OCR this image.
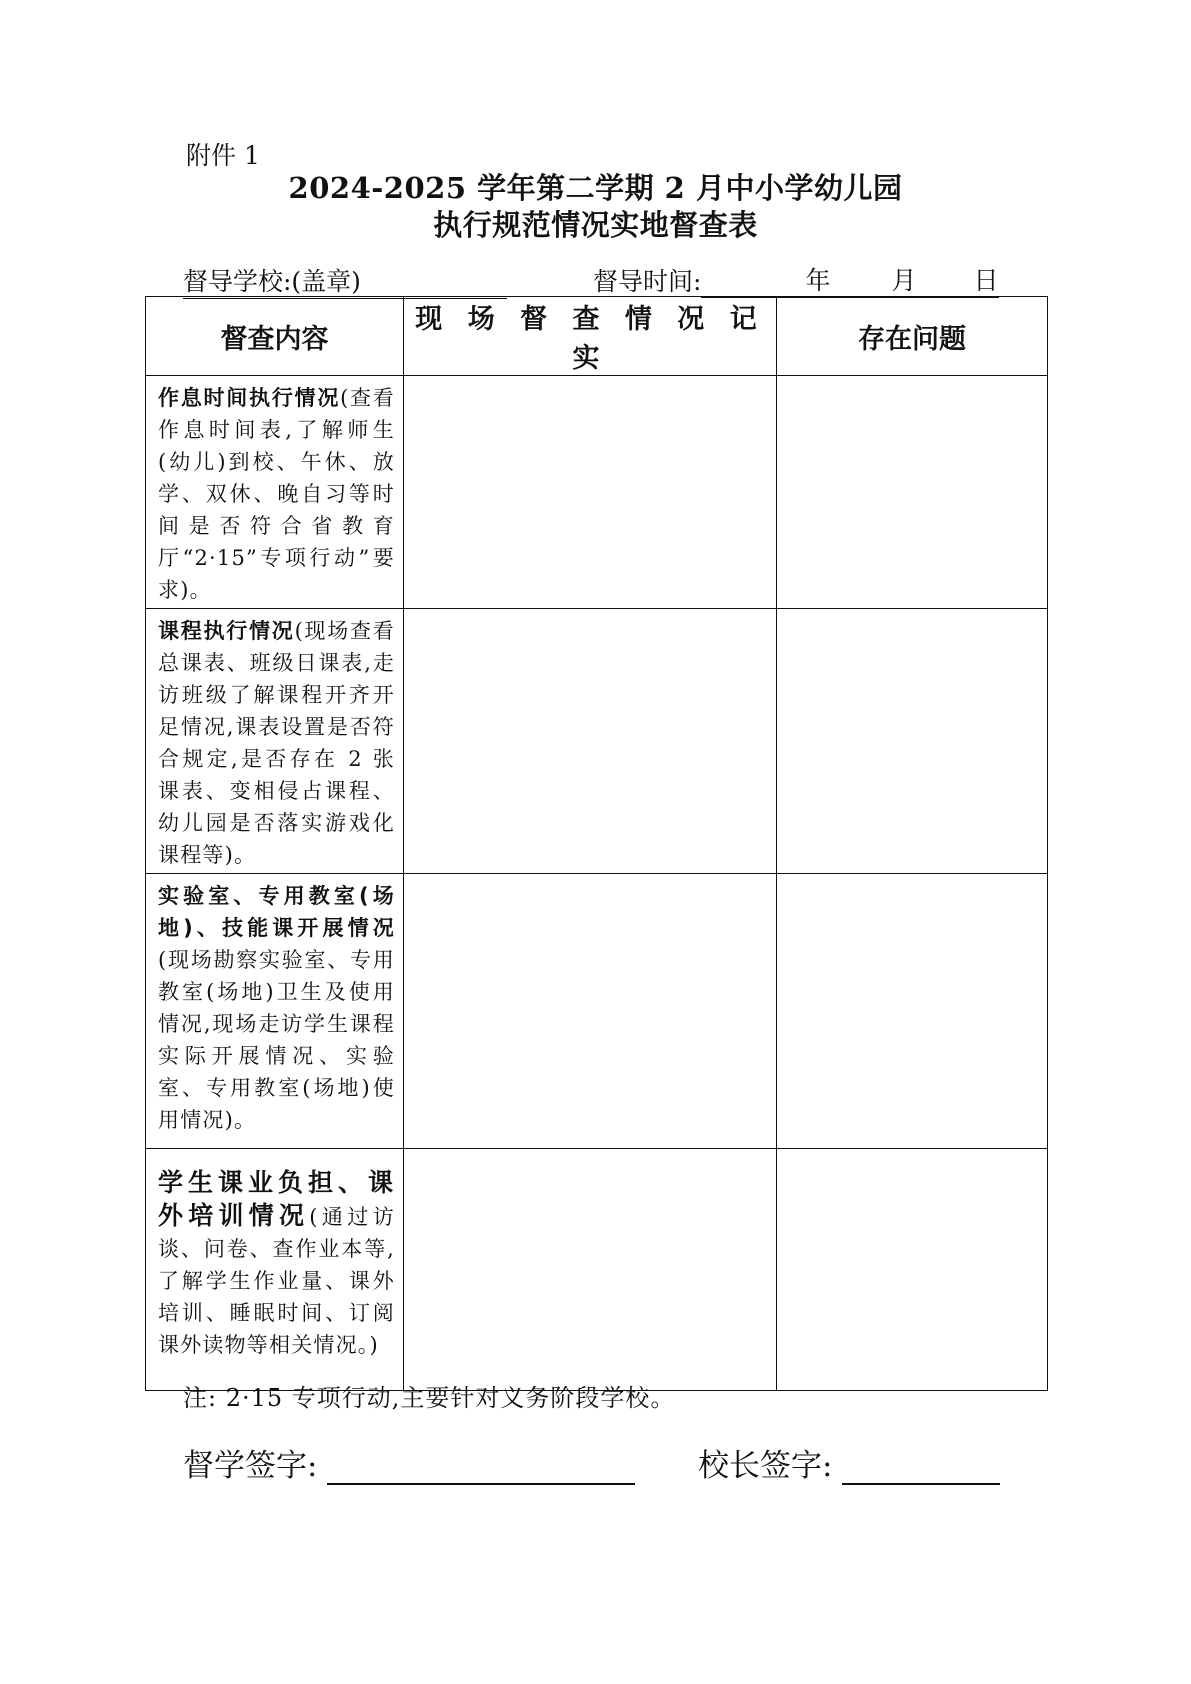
附件 1
2024-2025 学年第二学期 2 月中小学幼儿园
执行规范情况实地督查表
督导学校:(盖章)	督导时间:	年 月 日
督查内容	现 场 督 查 情 况 记实	存在问题

作息时间执行情况(查看作息时间表,了解师生(幼儿)到校、午休、放学、双休、晚自习等时间是否符合省教育厅“2·15”专项行动”要求)。		

课程执行情况(现场查看总课表、班级日课表,走访班级了解课程开齐开足情况,课表设置是否符合规定,是否存在 2 张课表、变相侵占课程、幼儿园是否落实游戏化课程等)。		

实验室、专用教室(场地)、技能课开展情况(现场勘察实验室、专用教室(场地)卫生及使用情况,现场走访学生课程实际开展情况、实验室、专用教室(场地)使用情况)。		

学生课业负担、课外培训情况(通过访谈、问卷、查作业本等,了解学生作业量、课外培训、睡眠时间、订阅课外读物等相关情况。)		

注: 2·15 专项行动,主要针对义务阶段学校。
督学签字:	校长签字:
